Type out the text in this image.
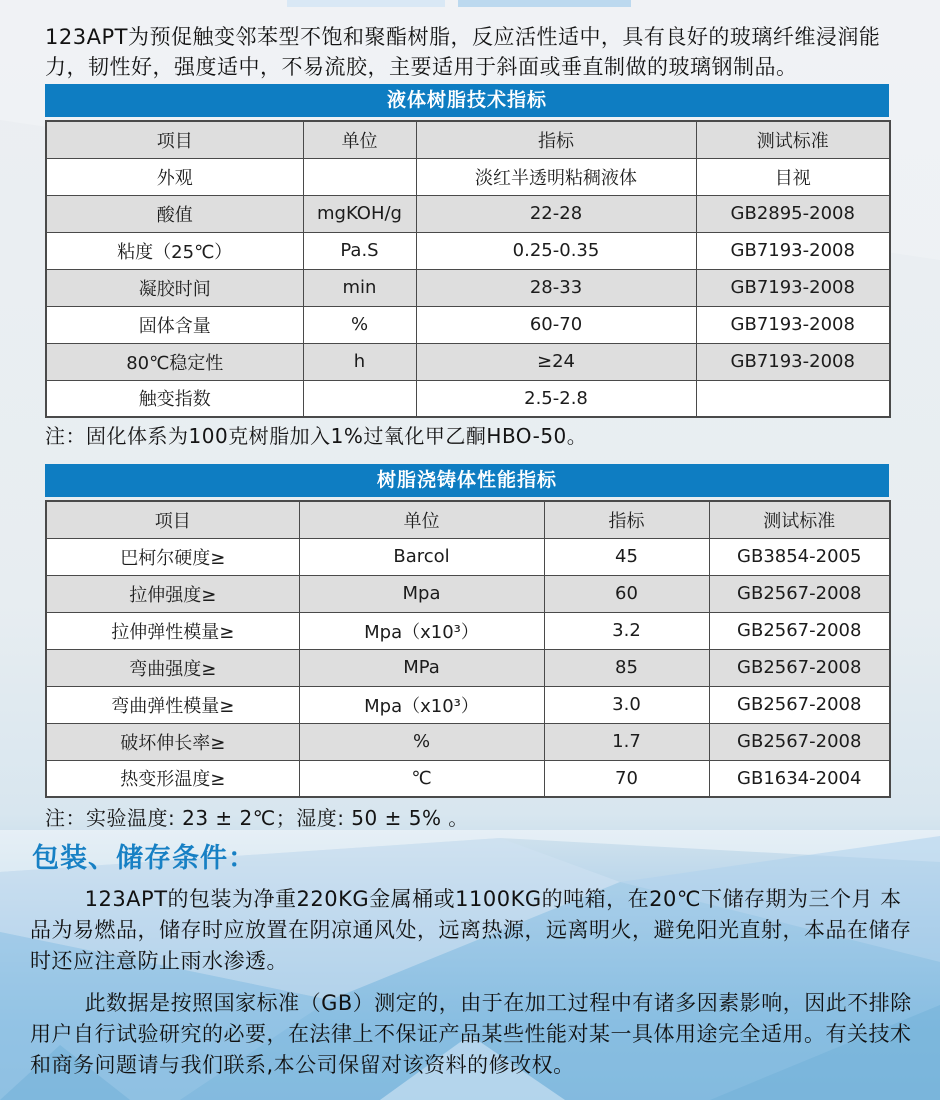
123APT为预促触变邻苯型不饱和聚酯树脂，反应活性适中，具有良好的玻璃纤维浸润能力，韧性好，强度适中，不易流胶，主要适用于斜面或垂直制做的玻璃钢制品。

液体树脂技术指标
项目	单位	指标	测试标准
外观		淡红半透明粘稠液体	目视
酸值	mgKOH/g	22-28	GB2895-2008
粘度（25℃）	Pa.S	0.25-0.35	GB7193-2008
凝胶时间	min	28-33	GB7193-2008
固体含量	%	60-70	GB7193-2008
80℃稳定性	h	≥24	GB7193-2008
触变指数		2.5-2.8	

注：固化体系为100克树脂加入1%过氧化甲乙酮HBO-50。

树脂浇铸体性能指标
项目	单位	指标	测试标准
巴柯尔硬度≥	Barcol	45	GB3854-2005
拉伸强度≥	Mpa	60	GB2567-2008
拉伸弹性模量≥	Mpa（x10³）	3.2	GB2567-2008
弯曲强度≥	MPa	85	GB2567-2008
弯曲弹性模量≥	Mpa（x10³）	3.0	GB2567-2008
破坏伸长率≥	%	1.7	GB2567-2008
热变形温度≥	℃	70	GB1634-2004

注：实验温度: 23 ± 2℃；湿度: 50 ± 5% 。

包装、储存条件：

123APT的包装为净重220KG金属桶或1100KG的吨箱，在20℃下储存期为三个月 本品为易燃品，储存时应放置在阴凉通风处，远离热源，远离明火，避免阳光直射，本品在储存时还应注意防止雨水渗透。

此数据是按照国家标准（GB）测定的，由于在加工过程中有诸多因素影响，因此不排除用户自行试验研究的必要，在法律上不保证产品某些性能对某一具体用途完全适用。有关技术和商务问题请与我们联系,本公司保留对该资料的修改权。
